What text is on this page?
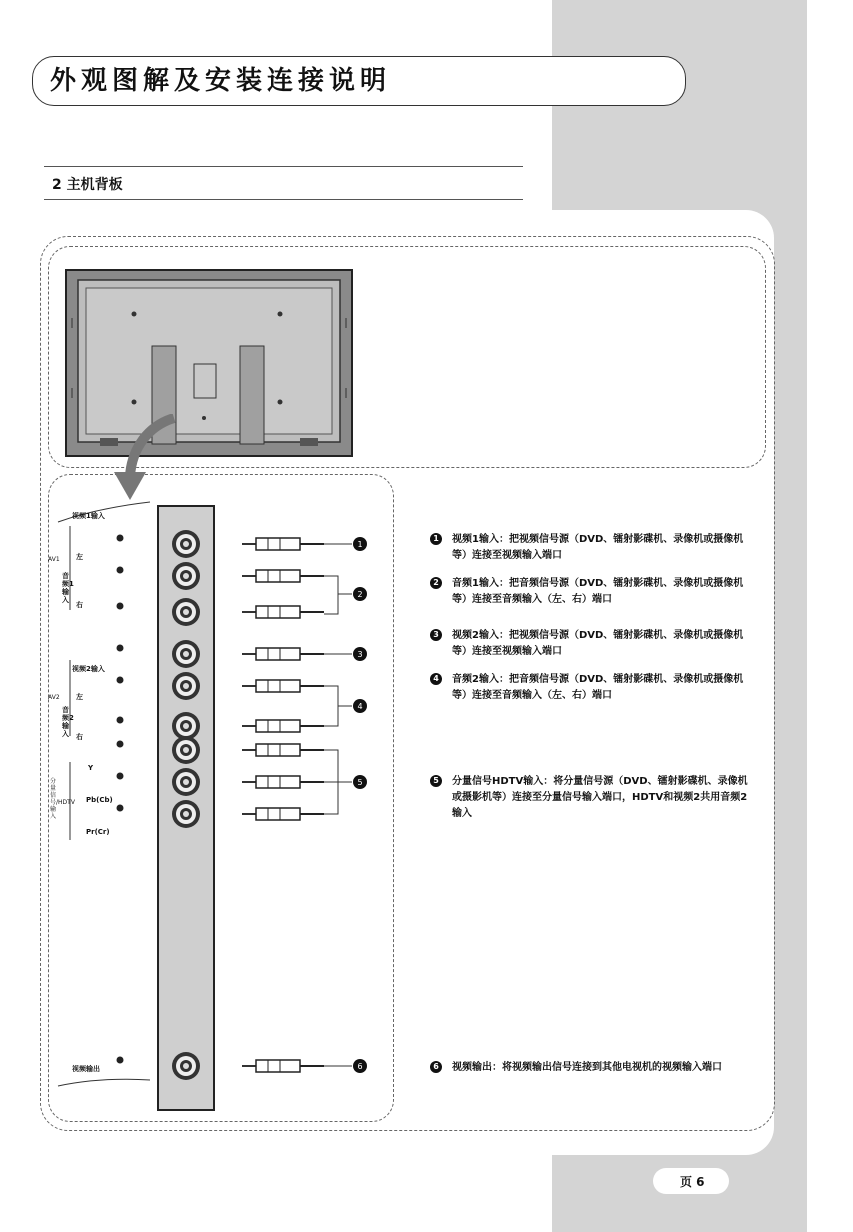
外观图解及安装连接说明
2 主机背板
1
2
3
4
5
6
视频1输入
左
音频1输入
右
AV1
视频2输入
左
音频2输入	右
AV2
Y
Pb(Cb)
Pr(Cr)
分量信号/HDTV输入
视频输出
1	视频1输入：把视频信号源（DVD、镭射影碟机、录像机或摄像机等）连接至视频输入端口
2	音频1输入：把音频信号源（DVD、镭射影碟机、录像机或摄像机等）连接至音频输入（左、右）端口
3	视频2输入：把视频信号源（DVD、镭射影碟机、录像机或摄像机等）连接至视频输入端口
4	音频2输入：把音频信号源（DVD、镭射影碟机、录像机或摄像机等）连接至音频输入（左、右）端口
5	分量信号HDTV输入：将分量信号源（DVD、镭射影碟机、录像机或摄影机等）连接至分量信号输入端口，HDTV和视频2共用音频2输入
6	视频输出：将视频输出信号连接到其他电视机的视频输入端口
页 6
